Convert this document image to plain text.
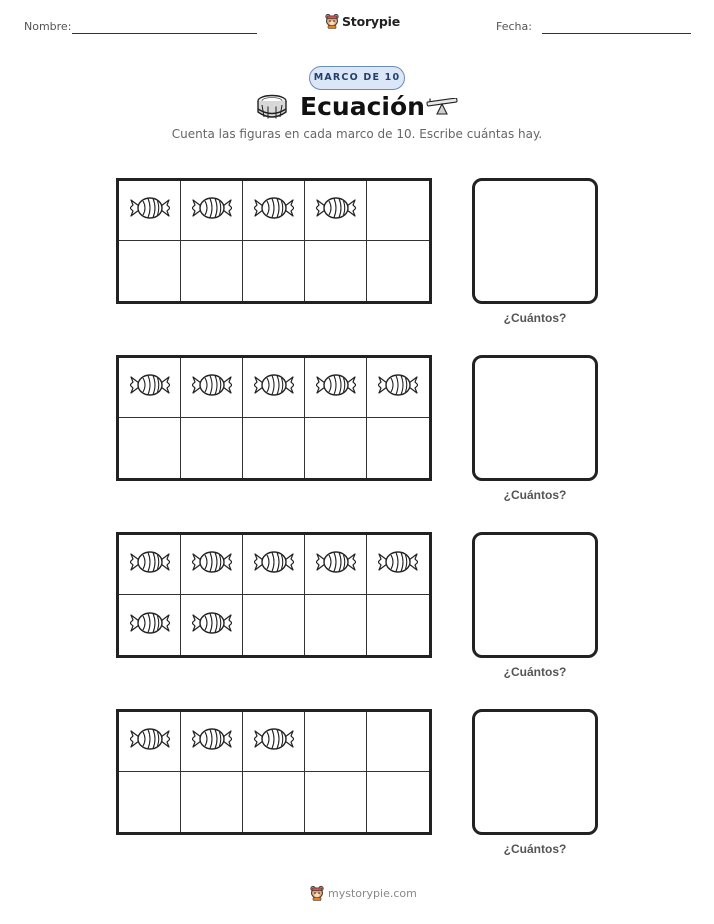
Nombre:	Storypie	Fecha:
MARCO DE 10
Ecuación
Cuenta las figuras en cada marco de 10. Escribe cuántas hay.
¿Cuántos?
¿Cuántos?
¿Cuántos?
¿Cuántos?
mystorypie.com
